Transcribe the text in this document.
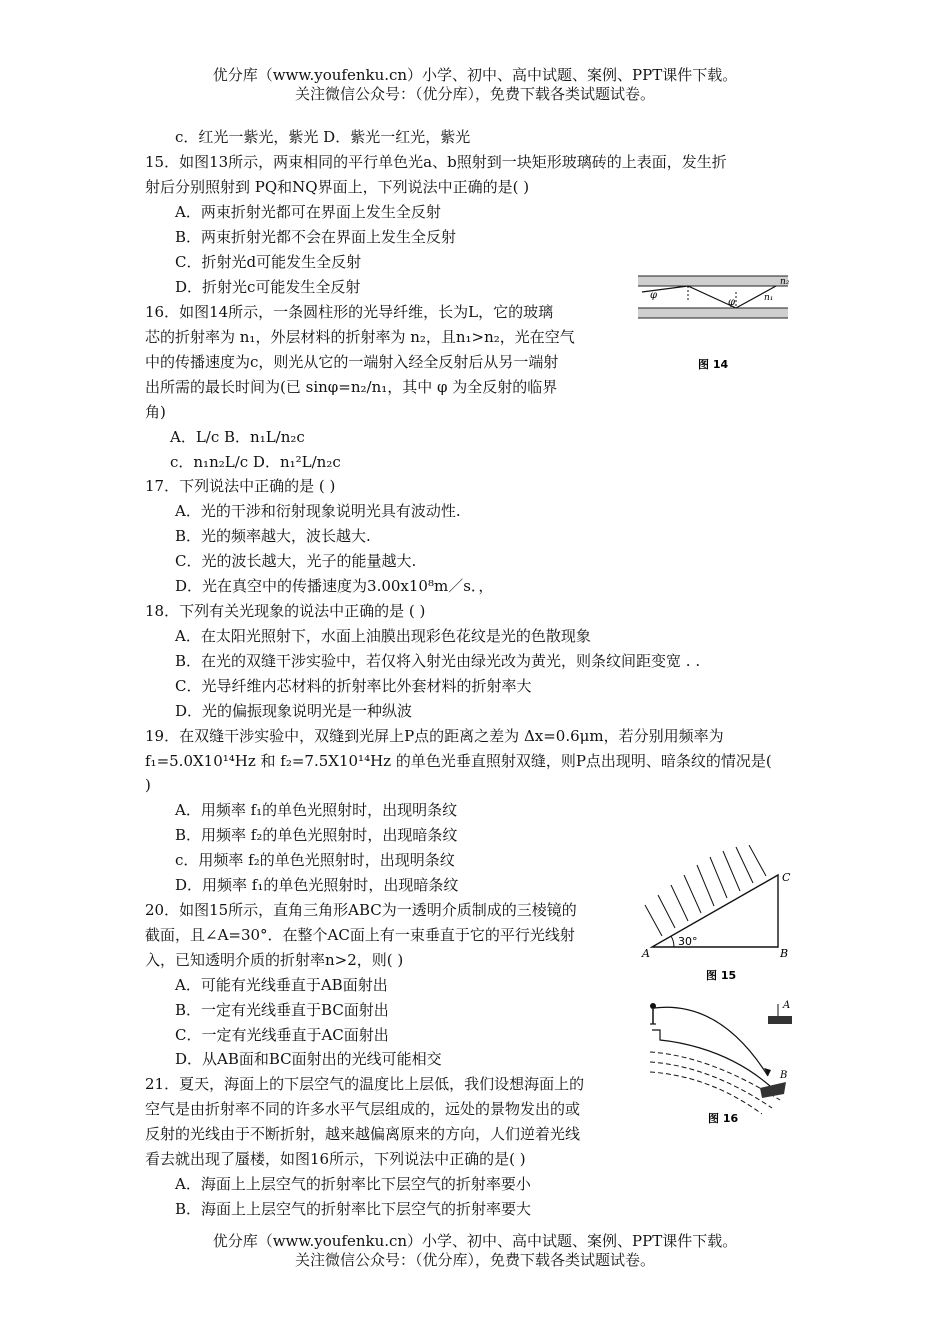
优分库（www.youfenku.cn）小学、初中、高中试题、案例、PPT课件下载。
关注微信公众号：（优分库），免费下载各类试题试卷。
c．红光一紫光，紫光 D．紫光一红光，紫光
15．如图13所示，两束相同的平行单色光a、b照射到一块矩形玻璃砖的上表面，发生折
射后分别照射到 PQ和NQ界面上，下列说法中正确的是( )
A．两束折射光都可在界面上发生全反射
B．两束折射光都不会在界面上发生全反射
C．折射光d可能发生全反射
D．折射光c可能发生全反射
16．如图14所示，一条圆柱形的光导纤维，长为L，它的玻璃
芯的折射率为 n₁，外层材料的折射率为 n₂，且n₁>n₂，光在空气
中的传播速度为c，则光从它的一端射入经全反射后从另一端射
出所需的最长时间为(已 sinφ=n₂/n₁，其中 φ 为全反射的临界
角)
A．L/c B．n₁L/n₂c
c．n₁n₂L/c D．n₁²L/n₂c
17．下列说法中正确的是 ( )
A．光的干涉和衍射现象说明光具有波动性.
B．光的频率越大，波长越大.
C．光的波长越大，光子的能量越大.
D．光在真空中的传播速度为3.00x10⁸m／s．，
18．下列有关光现象的说法中正确的是 ( )
A．在太阳光照射下，水面上油膜出现彩色花纹是光的色散现象
B．在光的双缝干涉实验中，若仅将入射光由绿光改为黄光，则条纹间距变宽 . .
C．光导纤维内芯材料的折射率比外套材料的折射率大
D．光的偏振现象说明光是一种纵波
19．在双缝干涉实验中，双缝到光屏上P点的距离之差为 Δx=0.6μm，若分别用频率为
f₁=5.0X10¹⁴Hz 和 f₂=7.5X10¹⁴Hz 的单色光垂直照射双缝，则P点出现明、暗条纹的情况是(
)
A．用频率 f₁的单色光照射时，出现明条纹
B．用频率 f₂的单色光照射时，出现暗条纹
c．用频率 f₂的单色光照射时，出现明条纹
D．用频率 f₁的单色光照射时，出现暗条纹
20．如图15所示，直角三角形ABC为一透明介质制成的三棱镜的
截面，且∠A=30°．在整个AC面上有一束垂直于它的平行光线射
入，已知透明介质的折射率n>2，则( )
A．可能有光线垂直于AB面射出
B．一定有光线垂直于BC面射出
C．一定有光线垂直于AC面射出
D．从AB面和BC面射出的光线可能相交
21．夏天，海面上的下层空气的温度比上层低，我们设想海面上的
空气是由折射率不同的许多水平气层组成的，远处的景物发出的或
反射的光线由于不断折射，越来越偏离原来的方向，人们逆着光线
看去就出现了蜃楼，如图16所示，下列说法中正确的是( )
A．海面上上层空气的折射率比下层空气的折射率要小
B．海面上上层空气的折射率比下层空气的折射率要大
优分库（www.youfenku.cn）小学、初中、高中试题、案例、PPT课件下载。
关注微信公众号：（优分库），免费下载各类试题试卷。
φ
φ
n₂
n₁
图 14
30°
A	B
C
图 15
A
B
图 16
